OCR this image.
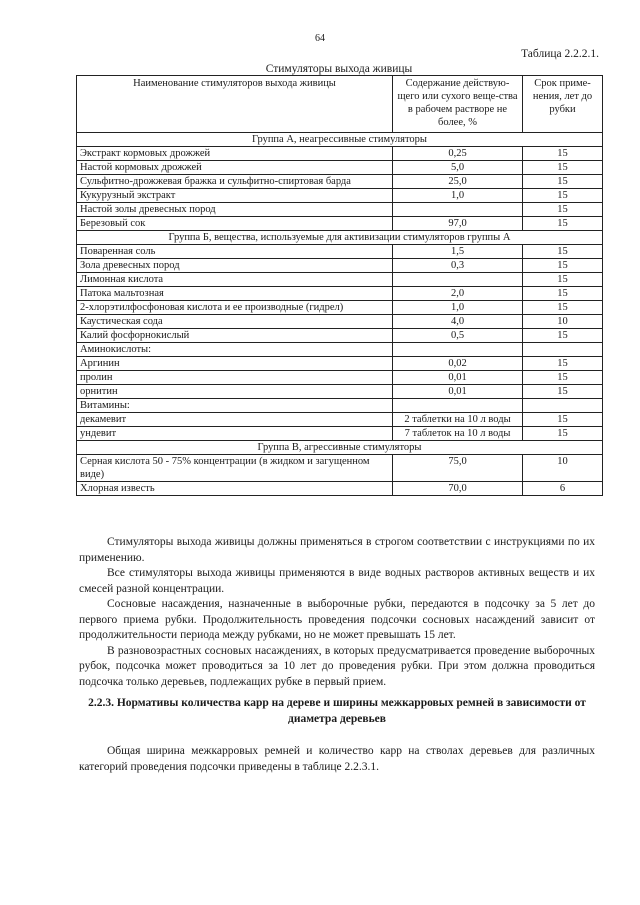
64
Таблица 2.2.2.1.
Стимуляторы выхода живицы
Наименование стимуляторов выхода живицы	Содержание действую-щего или сухого веще-ства в рабочем растворе не более, %	Срок приме-нения, лет до рубки
Группа А, неагрессивные стимуляторы		
Экстракт кормовых дрожжей	0,25	15
Настой кормовых дрожжей	5,0	15
Сульфитно-дрожжевая бражка и сульфитно-спиртовая барда	25,0	15
Кукурузный экстракт	1,0	15
Настой золы древесных пород		15
Березовый сок	97,0	15
Группа Б, вещества, используемые для активизации стимуляторов группы А		
Поваренная соль	1,5	15
Зола древесных пород	0,3	15
Лимонная кислота		15
Патока мальтозная	2,0	15
2-хлорэтилфосфоновая кислота и ее производные (гидрел)	1,0	15
Каустическая сода	4,0	10
Калий фосфорнокислый	0,5	15
Аминокислоты:		
Аргинин	0,02	15
пролин	0,01	15
орнитин	0,01	15
Витамины:		
декамевит	2 таблетки на 10 л воды	15
ундевит	7 таблеток на 10 л воды	15
Группа В, агрессивные стимуляторы		
Серная кислота 50 - 75% концентрации (в жидком и загущенном виде)	75,0	10
Хлорная известь	70,0	6

Стимуляторы выхода живицы должны применяться в строгом соответствии с инструкциями по их применению.

Все стимуляторы выхода живицы применяются в виде водных растворов активных веществ и их смесей разной концентрации.

Сосновые насаждения, назначенные в выборочные рубки, передаются в подсочку за 5 лет до первого приема рубки. Продолжительность проведения подсочки сосновых насаждений зависит от продолжительности периода между рубками, но не может превышать 15 лет.

В разновозрастных сосновых насаждениях, в которых предусматривается проведение выборочных рубок, подсочка может проводиться за 10 лет до проведения рубки. При этом должна проводиться подсочка только деревьев, подлежащих рубке в первый прием.

2.2.3. Нормативы количества карр на дереве и ширины межкарровых ремней в зависимости от диаметра деревьев

Общая ширина межкарровых ремней и количество карр на стволах деревьев для различных категорий проведения подсочки приведены в таблице 2.2.3.1.
